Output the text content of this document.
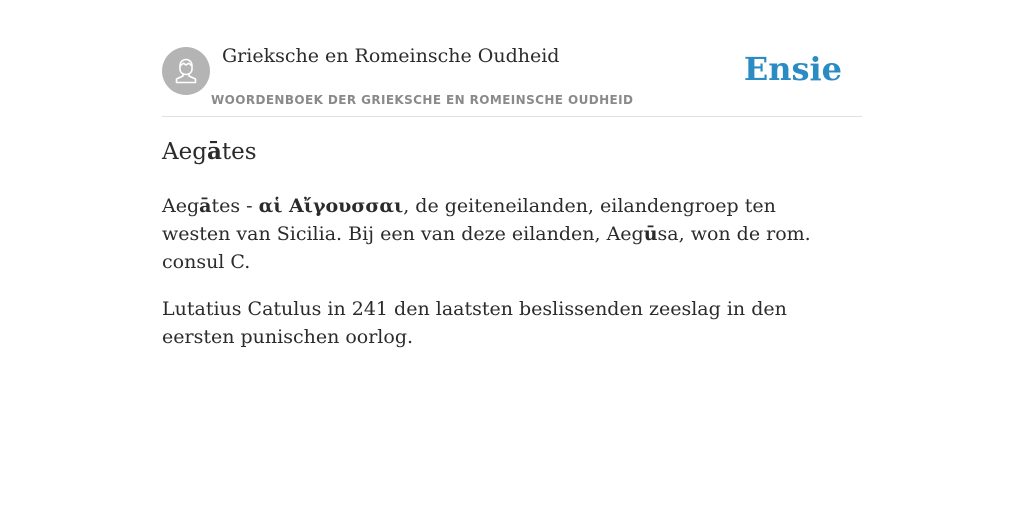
Grieksche en Romeinsche Oudheid
WOORDENBOEK DER GRIEKSCHE EN ROMEINSCHE OUDHEID
Ensie
Aegātes

Aegātes - αἱ Αἴγουσσαι, de geiteneilanden, eilandengroep ten westen van Sicilia. Bij een van deze eilanden, Aegūsa, won de rom. consul C.

Lutatius Catulus in 241 den laatsten beslissenden zeeslag in den eersten punischen oorlog.
